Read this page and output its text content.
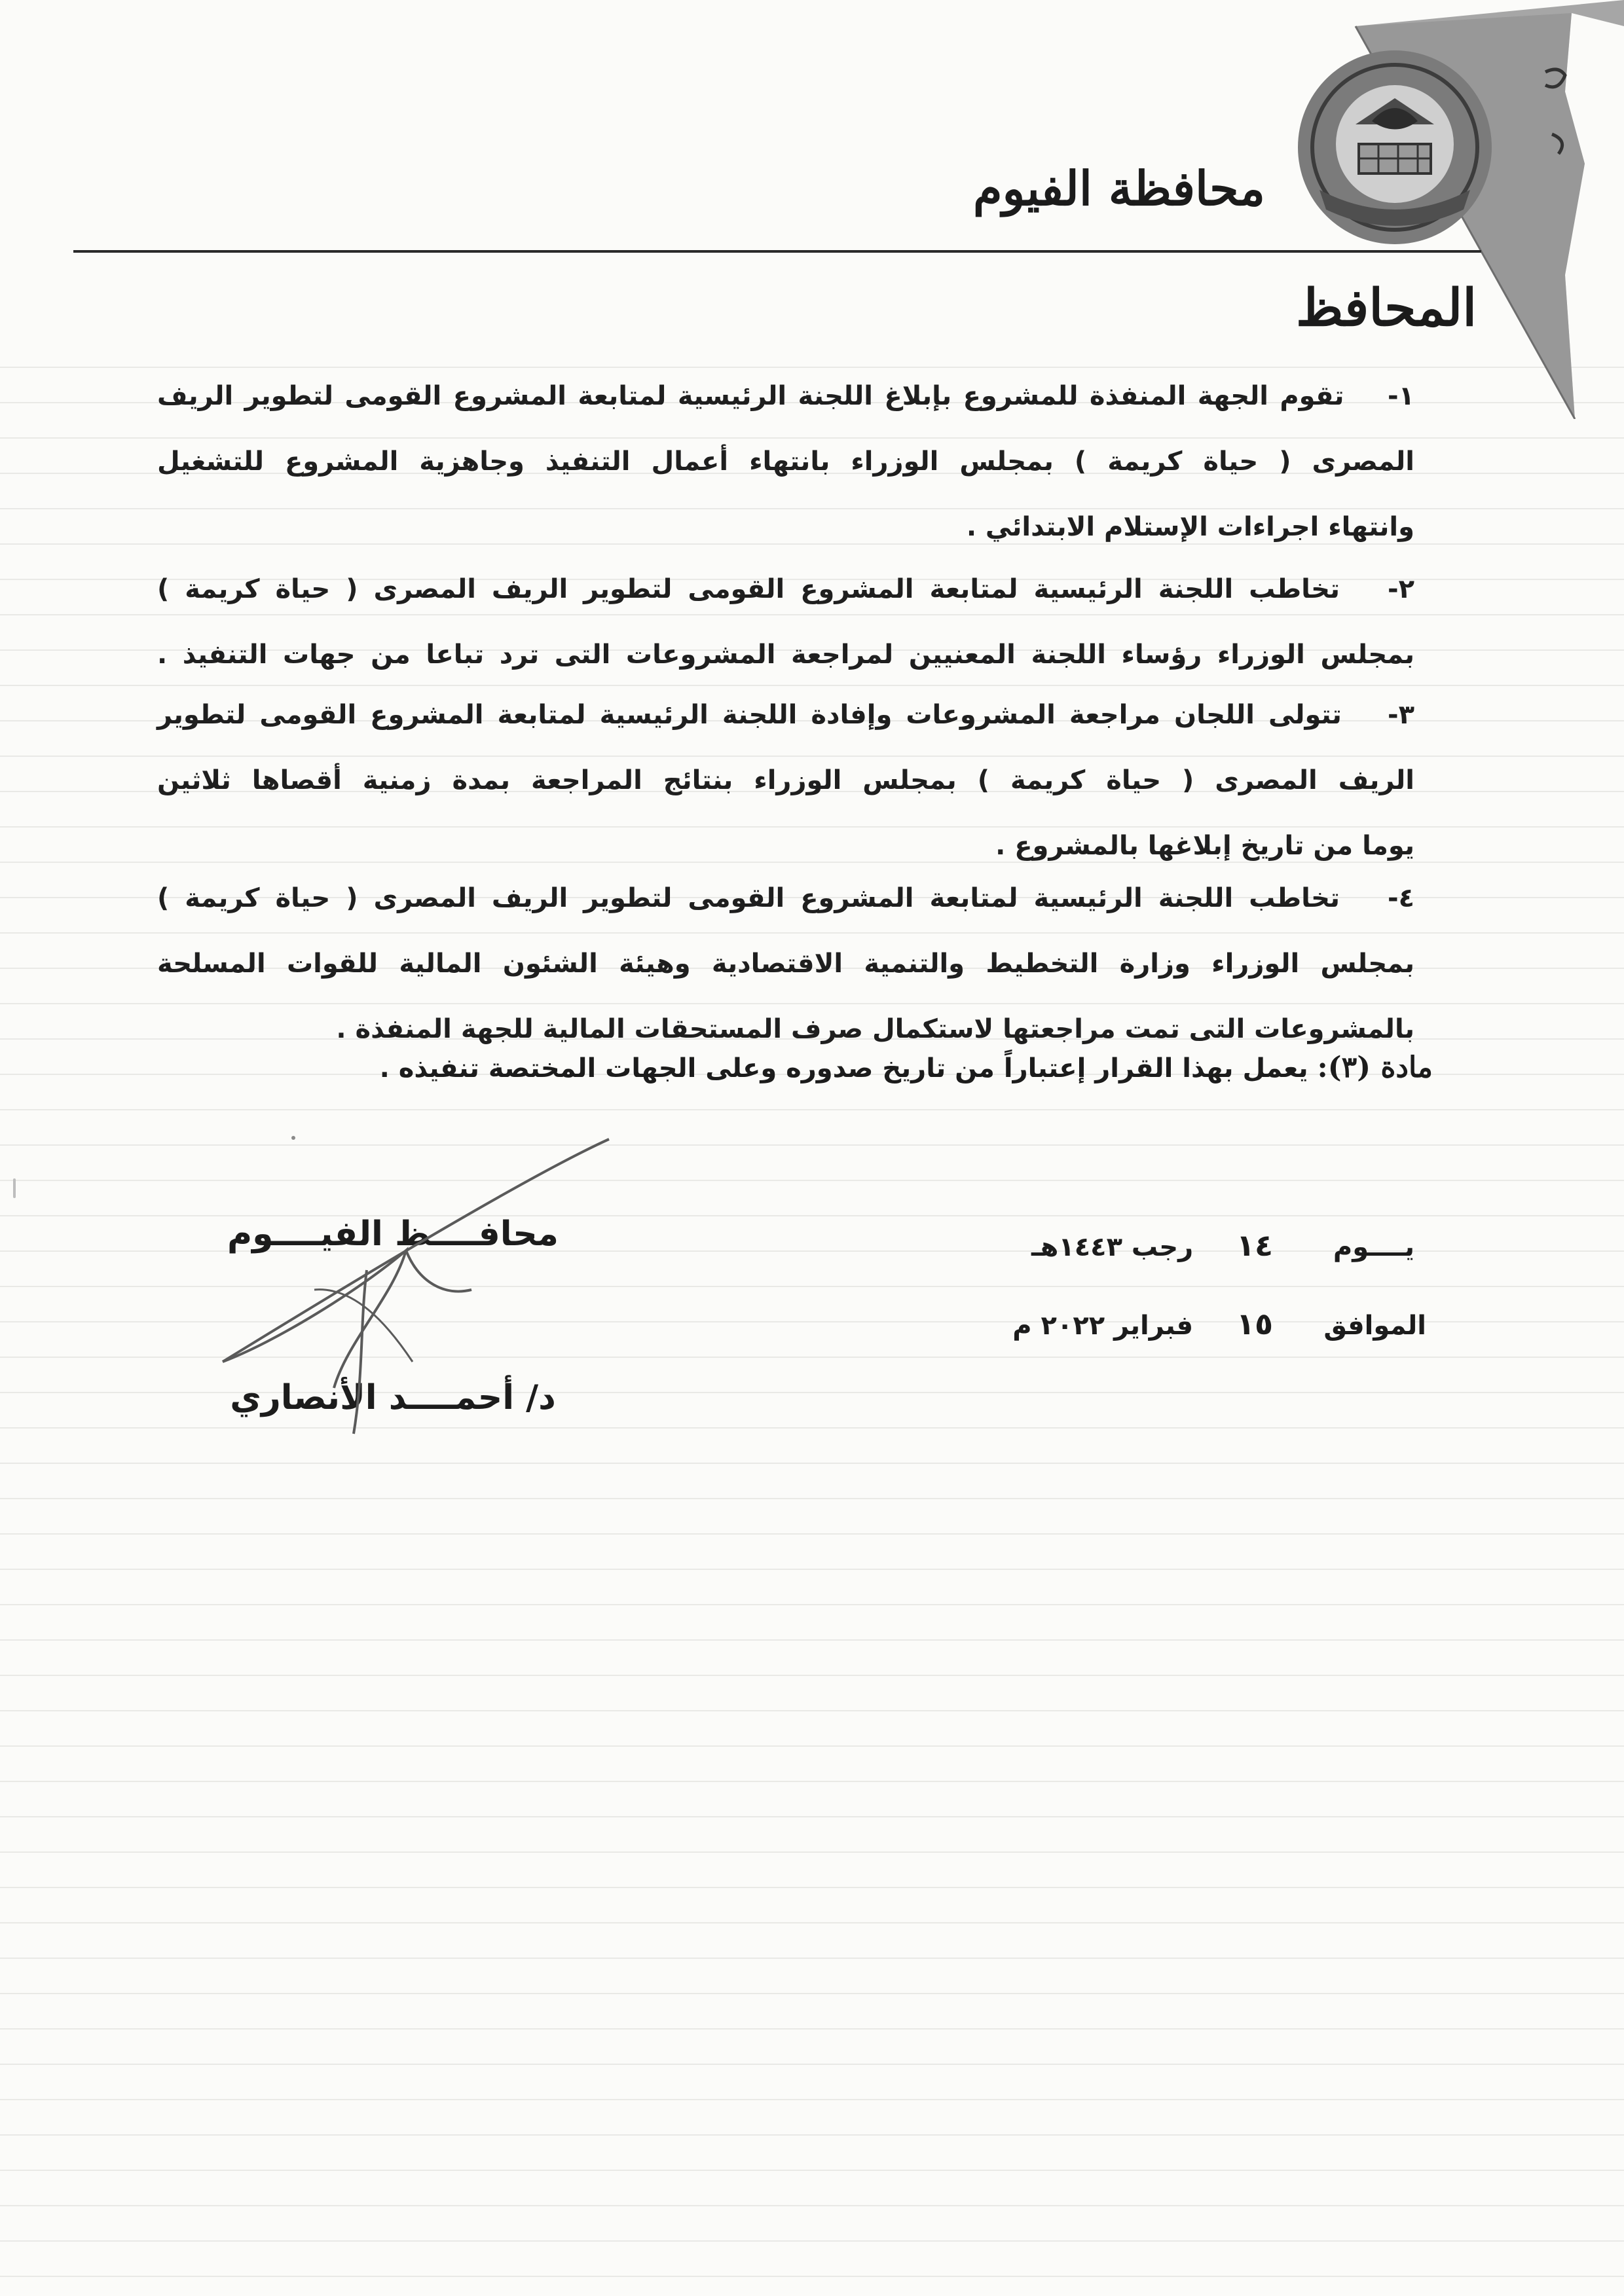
محافظة الفيوم
المحافظ
١- تقوم الجهة المنفذة للمشروع بإبلاغ اللجنة الرئيسية لمتابعة المشروع القومى لتطوير الريف
المصرى ( حياة كريمة ) بمجلس الوزراء بانتهاء أعمال التنفيذ وجاهزية المشروع للتشغيل
وانتهاء اجراءات الإستلام الابتدائي .
٢- تخاطب اللجنة الرئيسية لمتابعة المشروع القومى لتطوير الريف المصرى ( حياة كريمة )
بمجلس الوزراء رؤساء اللجنة المعنيين لمراجعة المشروعات التى ترد تباعا من جهات التنفيذ .
٣- تتولى اللجان مراجعة المشروعات وإفادة اللجنة الرئيسية لمتابعة المشروع القومى لتطوير
الريف المصرى ( حياة كريمة ) بمجلس الوزراء بنتائج المراجعة بمدة زمنية أقصاها ثلاثين
يوما من تاريخ إبلاغها بالمشروع .
٤- تخاطب اللجنة الرئيسية لمتابعة المشروع القومى لتطوير الريف المصرى ( حياة كريمة )
بمجلس الوزراء وزارة التخطيط والتنمية الاقتصادية وهيئة الشئون المالية للقوات المسلحة
بالمشروعات التى تمت مراجعتها لاستكمال صرف المستحقات المالية للجهة المنفذة .
مادة (٣): يعمل بهذا القرار إعتباراً من تاريخ صدوره وعلى الجهات المختصة تنفيذه .
يــــوم ١٤ رجب ١٤٤٣هـ
الموافق ١٥ فبراير ٢٠٢٢ م
محافــــظ الفيــــوم
د/ أحمــــد الأنصاري
